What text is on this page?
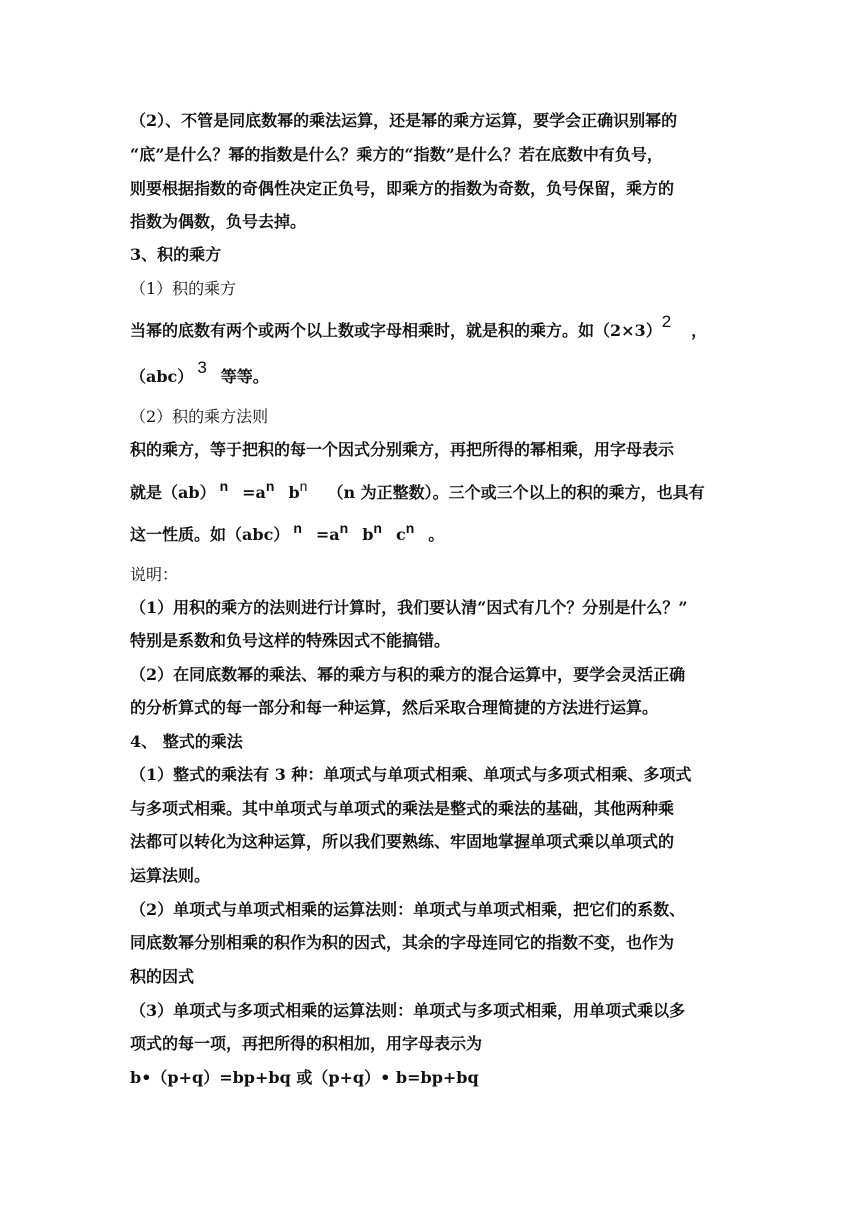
（2）、不管是同底数幂的乘法运算，还是幂的乘方运算，要学会正确识别幂的
“底”是什么？幂的指数是什么？乘方的“指数”是什么？若在底数中有负号，
则要根据指数的奇偶性决定正负号，即乘方的指数为奇数，负号保留，乘方的
指数为偶数，负号去掉。
3、积的乘方
（1）积的乘方
当幂的底数有两个或两个以上数或字母相乘时，就是积的乘方。如（2×3）2 ，
（abc） 3 等等。
（2）积的乘方法则
积的乘方，等于把积的每一个因式分别乘方，再把所得的幂相乘，用字母表示
就是（ab） n =an bn （n 为正整数）。三个或三个以上的积的乘方，也具有
这一性质。如（abc） n =an bn cn 。
说明：
（1）用积的乘方的法则进行计算时，我们要认清“因式有几个？分别是什么？”
特别是系数和负号这样的特殊因式不能搞错。
（2）在同底数幂的乘法、幂的乘方与积的乘方的混合运算中，要学会灵活正确
的分析算式的每一部分和每一种运算，然后采取合理简捷的方法进行运算。
4、 整式的乘法
（1）整式的乘法有 3 种：单项式与单项式相乘、单项式与多项式相乘、多项式
与多项式相乘。其中单项式与单项式的乘法是整式的乘法的基础，其他两种乘
法都可以转化为这种运算，所以我们要熟练、牢固地掌握单项式乘以单项式的
运算法则。
（2）单项式与单项式相乘的运算法则：单项式与单项式相乘，把它们的系数、
同底数幂分别相乘的积作为积的因式，其余的字母连同它的指数不变，也作为
积的因式
（3）单项式与多项式相乘的运算法则：单项式与多项式相乘，用单项式乘以多
项式的每一项，再把所得的积相加，用字母表示为
b•（p+q）=bp+bq 或（p+q）• b=bp+bq
